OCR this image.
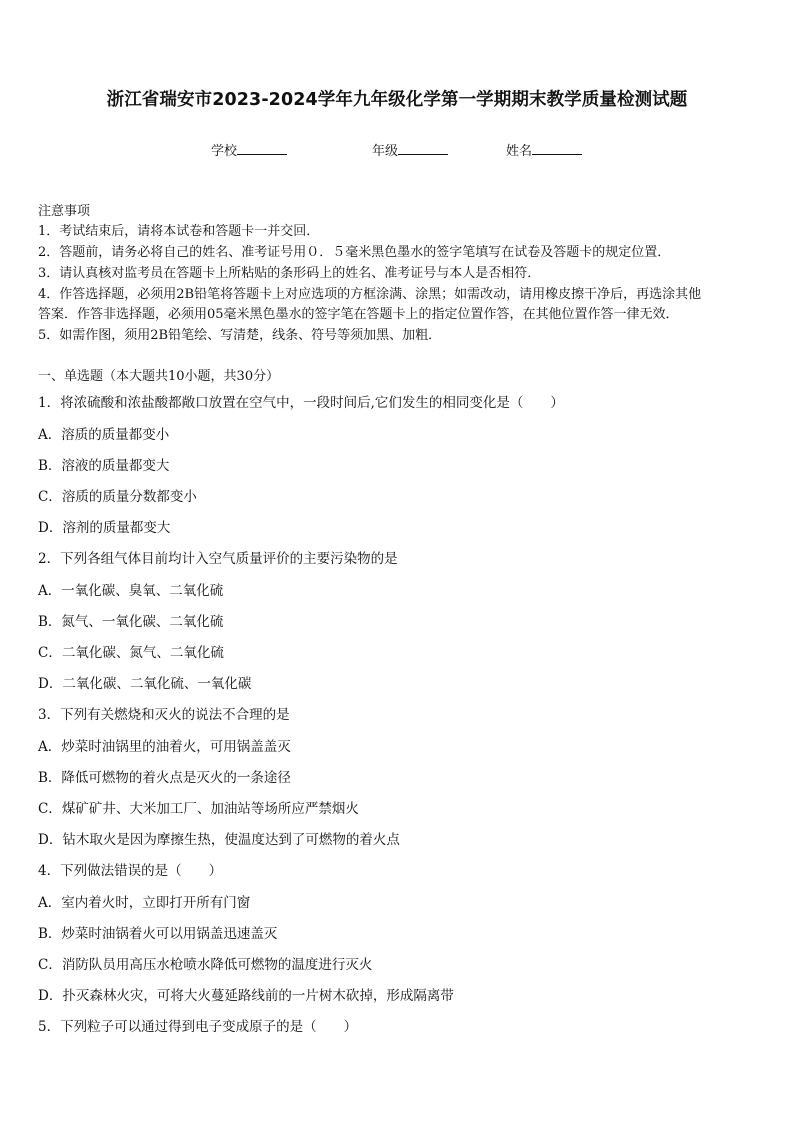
浙江省瑞安市2023-2024学年九年级化学第一学期期末教学质量检测试题
学校	年级	姓名
注意事项
1．考试结束后，请将本试卷和答题卡一并交回．
2．答题前，请务必将自己的姓名、准考证号用０．５毫米黑色墨水的签字笔填写在试卷及答题卡的规定位置．
3．请认真核对监考员在答题卡上所粘贴的条形码上的姓名、准考证号与本人是否相符．
4．作答选择题，必须用2B铅笔将答题卡上对应选项的方框涂满、涂黑；如需改动，请用橡皮擦干净后，再选涂其他
答案．作答非选择题，必须用05毫米黑色墨水的签字笔在答题卡上的指定位置作答，在其他位置作答一律无效．
5．如需作图，须用2B铅笔绘、写清楚，线条、符号等须加黑、加粗．
一、单选题（本大题共10小题，共30分）
1．将浓硫酸和浓盐酸都敞口放置在空气中，一段时间后,它们发生的相同变化是（　　）
A．溶质的质量都变小
B．溶液的质量都变大
C．溶质的质量分数都变小
D．溶剂的质量都变大
2．下列各组气体目前均计入空气质量评价的主要污染物的是
A．一氧化碳、臭氧、二氧化硫
B．氮气、一氧化碳、二氧化硫
C．二氧化碳、氮气、二氧化硫
D．二氧化碳、二氧化硫、一氧化碳
3．下列有关燃烧和灭火的说法不合理的是
A．炒菜时油锅里的油着火，可用锅盖盖灭
B．降低可燃物的着火点是灭火的一条途径
C．煤矿矿井、大米加工厂、加油站等场所应严禁烟火
D．钻木取火是因为摩擦生热，使温度达到了可燃物的着火点
4．下列做法错误的是（　　）
A．室内着火时，立即打开所有门窗
B．炒菜时油锅着火可以用锅盖迅速盖灭
C．消防队员用高压水枪喷水降低可燃物的温度进行灭火
D．扑灭森林火灾，可将大火蔓延路线前的一片树木砍掉，形成隔离带
5．下列粒子可以通过得到电子变成原子的是（　　）
